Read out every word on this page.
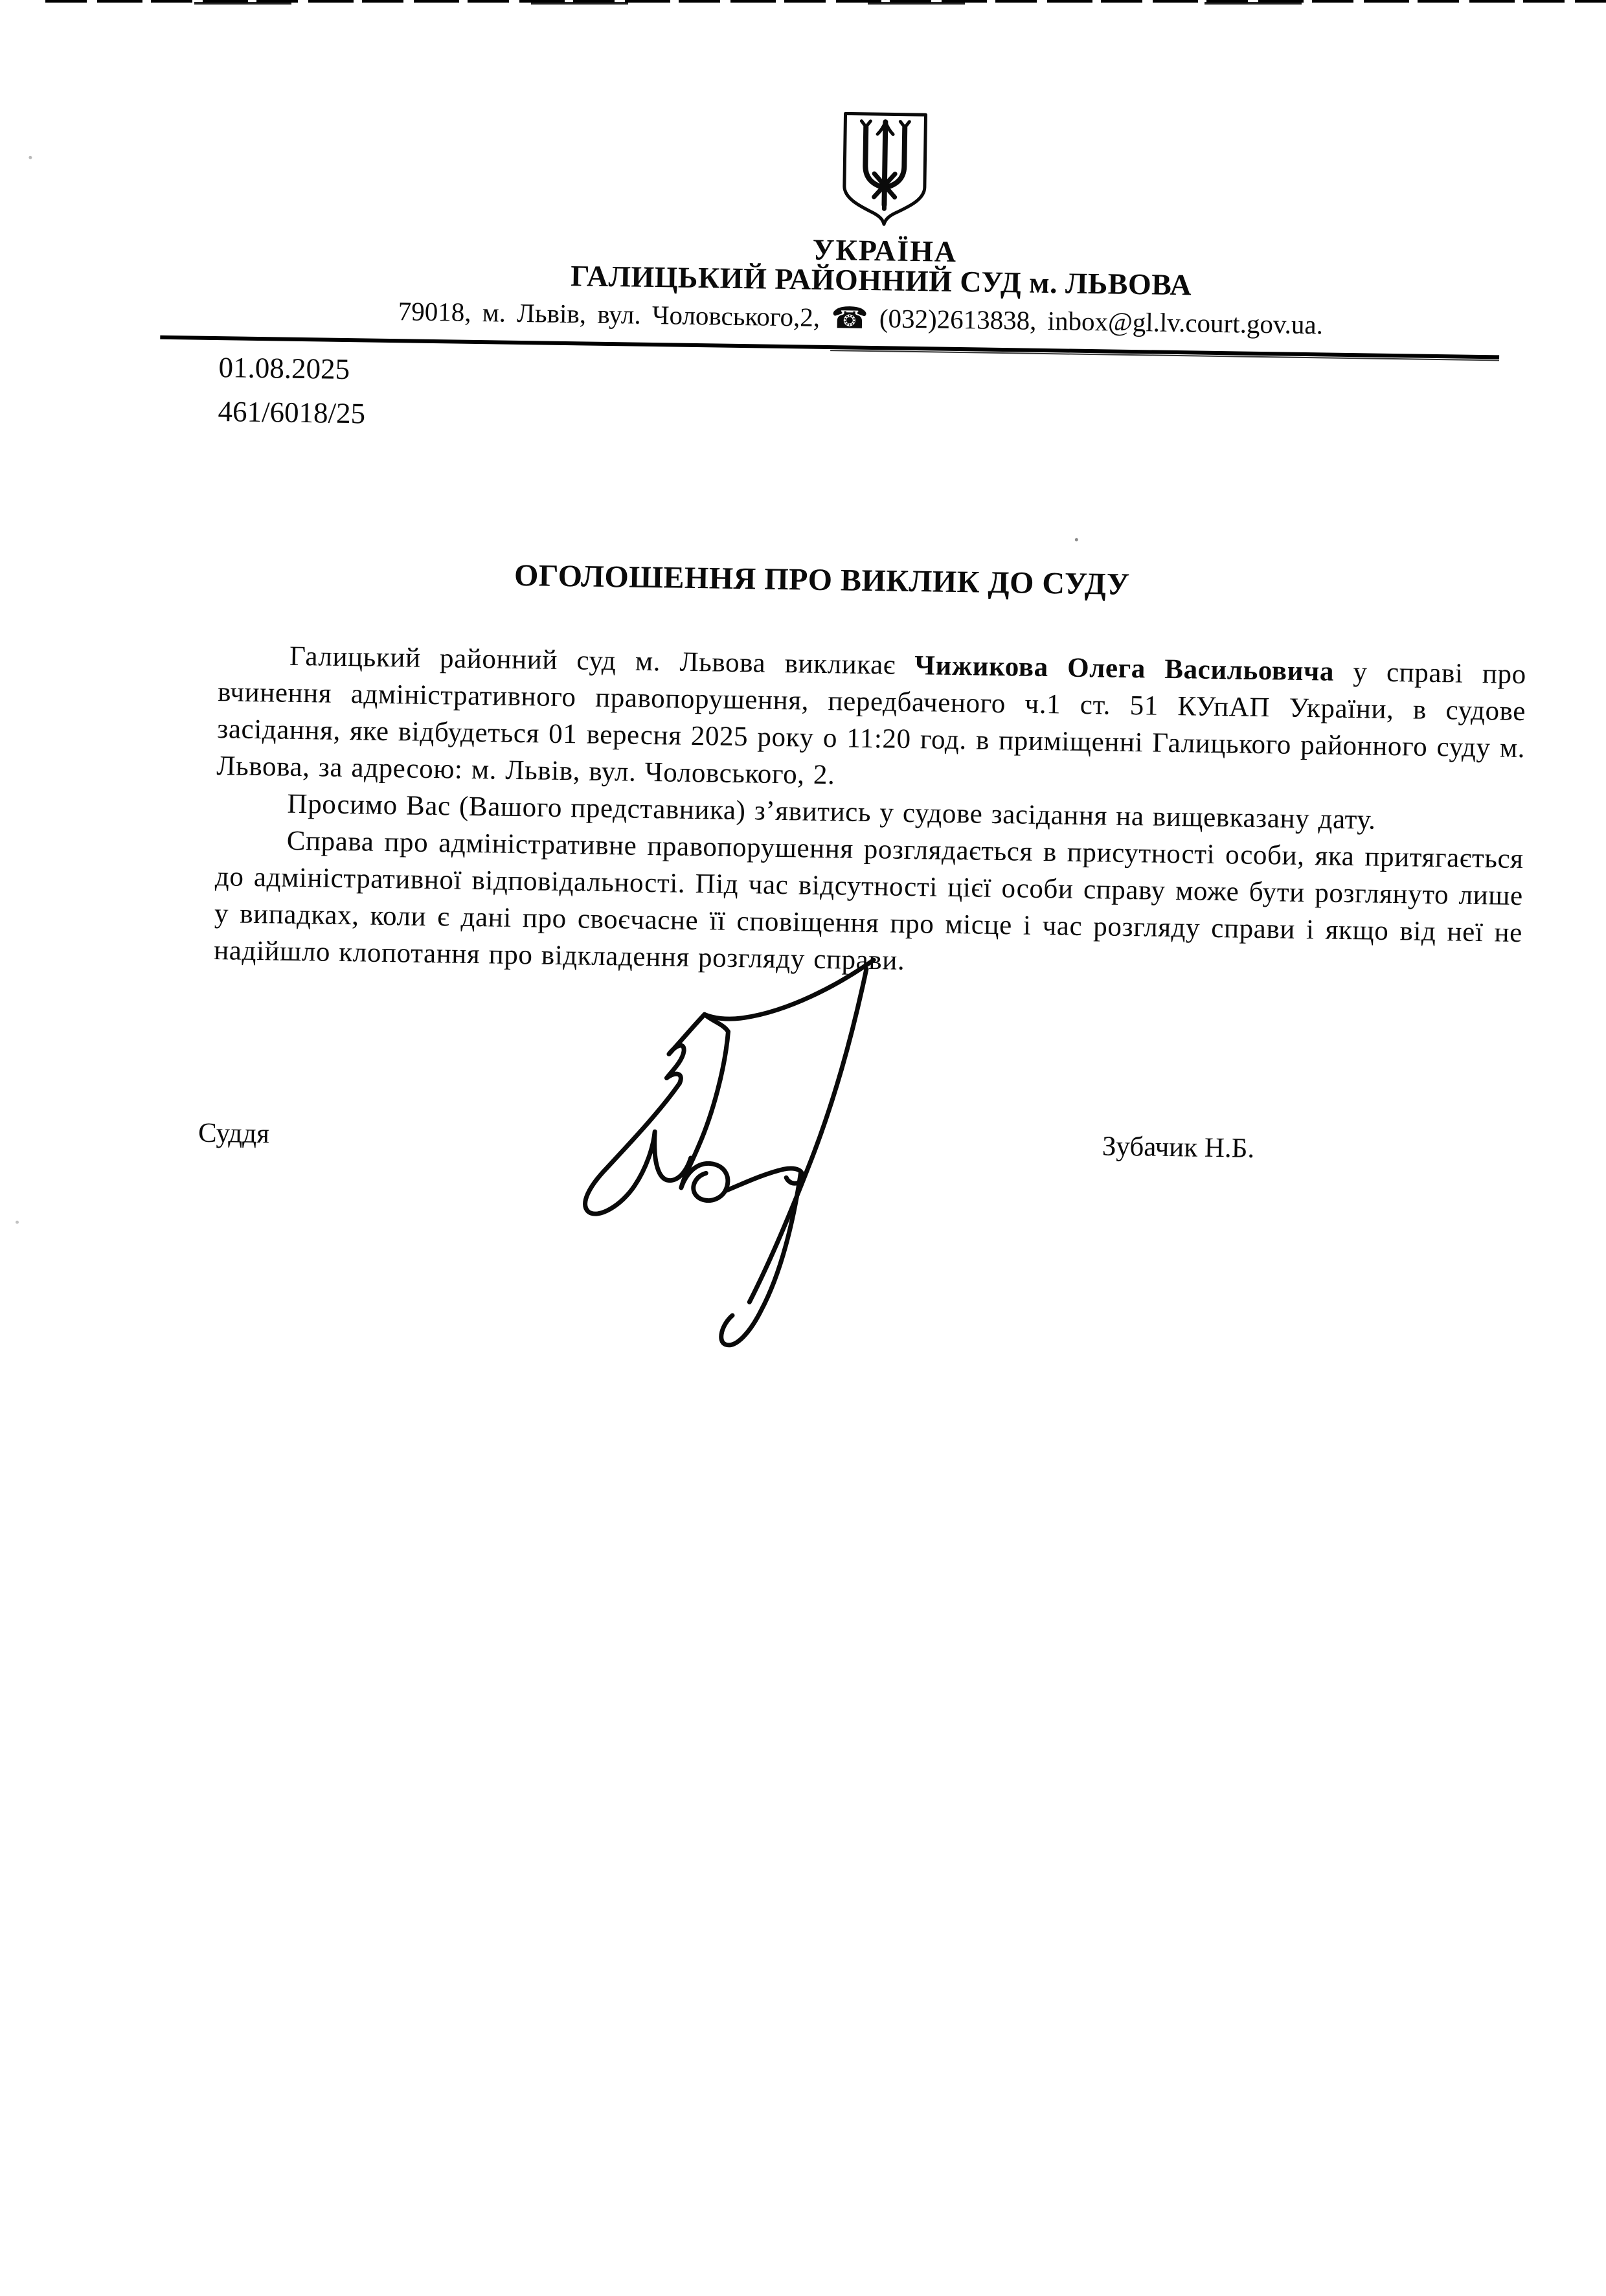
УКРАЇНА
ГАЛИЦЬКИЙ РАЙОННИЙ СУД м. ЛЬВОВА
79018, м. Львів, вул. Чоловського,2, ☎ (032)2613838, inbox@gl.lv.court.gov.ua.
01.08.2025
461/6018/25
ОГОЛОШЕННЯ ПРО ВИКЛИК ДО СУДУ

Галицький районний суд м. Львова викликає Чижикова Олега Васильовича у справі про вчинення адміністративного правопорушення, передбаченого ч.1 ст. 51 КУпАП України, в судове засідання, яке відбудеться 01 вересня 2025 року о 11:20 год. в приміщенні Галицького районного суду м. Львова, за адресою: м. Львів, вул. Чоловського, 2.

Просимо Вас (Вашого представника) з’явитись у судове засідання на вищевказану дату.

Справа про адміністративне правопорушення розглядається в присутності особи, яка притягається до адміністративної відповідальності. Під час відсутності цієї особи справу може бути розглянуто лише у випадках, коли є дані про своєчасне її сповіщення про місце і час розгляду справи і якщо від неї не надійшло клопотання про відкладення розгляду справи.

Суддя	Зубачик Н.Б.
